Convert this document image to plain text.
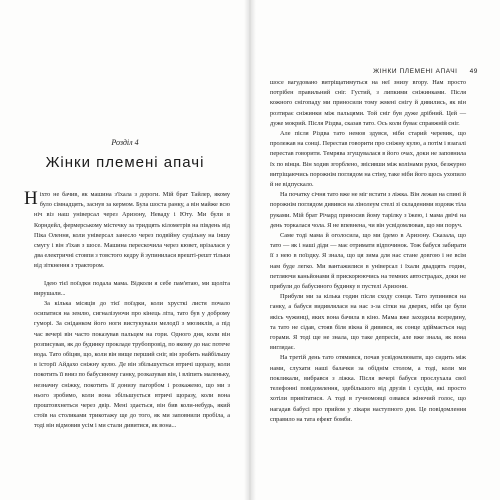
Розділ 4
Жінки племені апачі

Ніхто не бачив, як машина з'їхала з дороги. Мій брат Тайлер, якому було сімнадцять, заснув за кермом. Була шоста ранку, а він майже всю ніч віз наш універсал через Аризону, Неваду і Юту. Ми були в Корндейл, фермерському містечку за тридцять кілометрів на південь від Піка Олення, коли універсал занесло через подвійну суцільну на іншу смугу і він з'їхав з шосе. Машина перескочила через кювет, врізалася у два електричні стовпи з товстого кедру й зупинилася врешті-решт тільки від зіткнення з трактором.

Ідею тієї поїздки подала мама. Відколи я себе пам'ятаю, ми щоліта вирушали...

За кілька місяців до тієї поїздки, коли хрусткі листя почало осипатися на землю, сигналізуючи про кінець літа, тато був у доброму гуморі. За сніданком його ноги вистукували мелодії з мюзиклів, а під час вечері він часто показував пальцем на гори. Одного дня, коли він розписував, як до будинку прокладе трубопровід, по якому до нас потече вода. Тато обіцяв, що, коли він вище перший сніг, він зробить найбільшу в історії Айдахо сніжну кулю. Де він збільшується втричі щоразу, коли покотить її вниз по бабусиному ганку, розказував він, і вліпить маленьку, незначну сніжку, покотить її донизу пагорбом і розкажемо, що ми з нього зробимо, коли вона збільшується втричі щоразу, коли вона проштовхнеться через двір. Мені здається, він бив коли-небудь, який стоїв на столиками трикотажу ще до того, як ми заповнили пробіла, а тоді він відмовив усім і ми стали дивитися, як вона...

ЖІНКИ ПЛЕМЕНІ АПАЧІ 49

шосе вагудовано витріщатимуться на неї знизу вгору. Нам просто потрібен правильний сніг. Густий, з липкими сніжинками. Після кожного снігопаду ми приносили тому жмені снігу й дивились, як він розтирає сніжинки між пальцями. Той сніг був дуже дрібний. Цей — дуже мокрий. Після Різдва, сказав тато. Ось коли буває справжній сніг.

Але після Різдва тато немов здувся, ніби старий черевик, що пролежав на сонці. Перестав говорити про сніжну кулю, а потім і взагалі перестав говорити. Темрява згущувалася в його очах, доки не заповнила їх по вінця. Він ходив згорблено, звісивши між колінами руки, безжурно витріщаючись порожнім поглядом на стіну, таке ніби його щось ухопило й не відпускало.

На початку січня тато вже не міг встати з ліжка. Він лежав на спині й порожнім поглядом дивився на лінолеум стелі зі складеними вздовж тіла руками. Мій брат Річард приносив йому тарілку з їжею, і мама двічі на день торкалася чола. Я не впевнена, чи він усвідомлював, що ми поруч.

Саме тоді мама й оголосила, що ми їдемо в Аризону. Сказала, що тато — як і наші діди — має отримати відпочинок. Тож бабуся забирати її з нею в поїздку. Я знала, що ця зима для нас стане довгою і не всім нам буде легко. Ми вантажилися в універсал і їхали двадцять годин, петляючи каньйонами й прискорюючись на темних автострадах, доки не прибули до бабусиного будинку в пустелі Аризони.

Прибули ми за кілька годин після сходу сонця. Тато зупинився на ганку, а бабуся видивлялася на нас з-за сітки на дверях, ніби це були якісь чужинці, яких вона бачила в кіно. Мама вже заходила всередину, та тато не сідав, стояв біля вікна й дивився, як сонце здіймається над горами. Я тоді ще не знала, що таке депресія, але вже знала, як вона виглядає.

На третій день тато отямився, почав усвідомлювати, що сидить між нами, слухати наші балачки за обіднім столом, а тоді, коли ми покликали, вибрався з ліжка. Після вечері бабуся прослухала свої телефонні повідомлення, здебільшого від друзів і сусідів, які просто хотіли привітатися. А тоді в гучномовці озвався жіночий голос, що нагадав бабусі про прийом у лікаря наступного дня. Це повідомлення справило на тата ефект бомби.
